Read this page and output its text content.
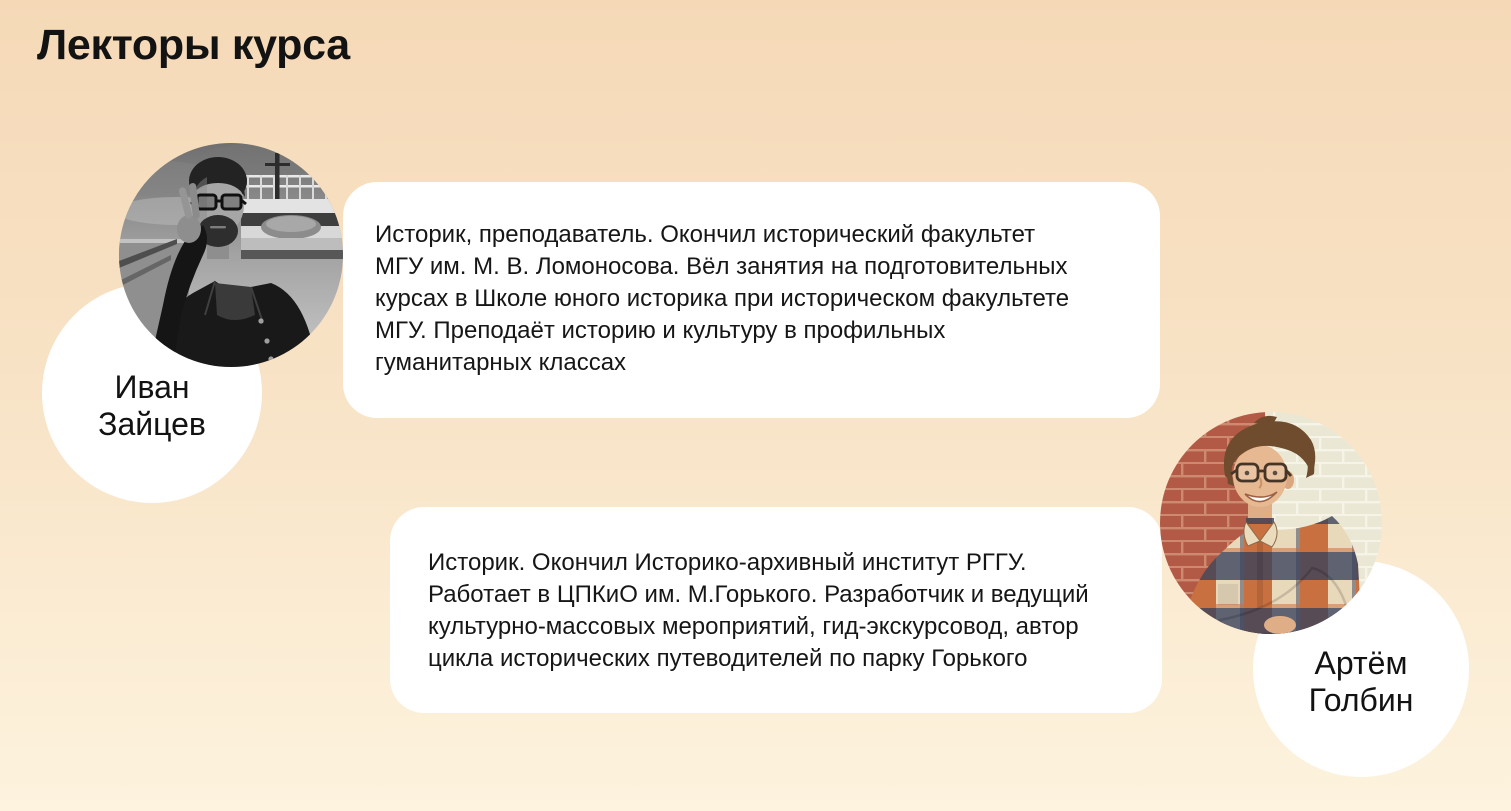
Лекторы курса
Историк, преподаватель. Окончил исторический факультет
МГУ им. М. В. Ломоносова. Вёл занятия на подготовительных
курсах в Школе юного историка при историческом факультете
МГУ. Преподаёт историю и культуру в профильных
гуманитарных классах
Иван
Зайцев
Историк. Окончил Историко-архивный институт РГГУ.
Работает в ЦПКиО им. М.Горького. Разработчик и ведущий
культурно-массовых мероприятий, гид-экскурсовод, автор
цикла исторических путеводителей по парку Горького	Артём
Голбин
